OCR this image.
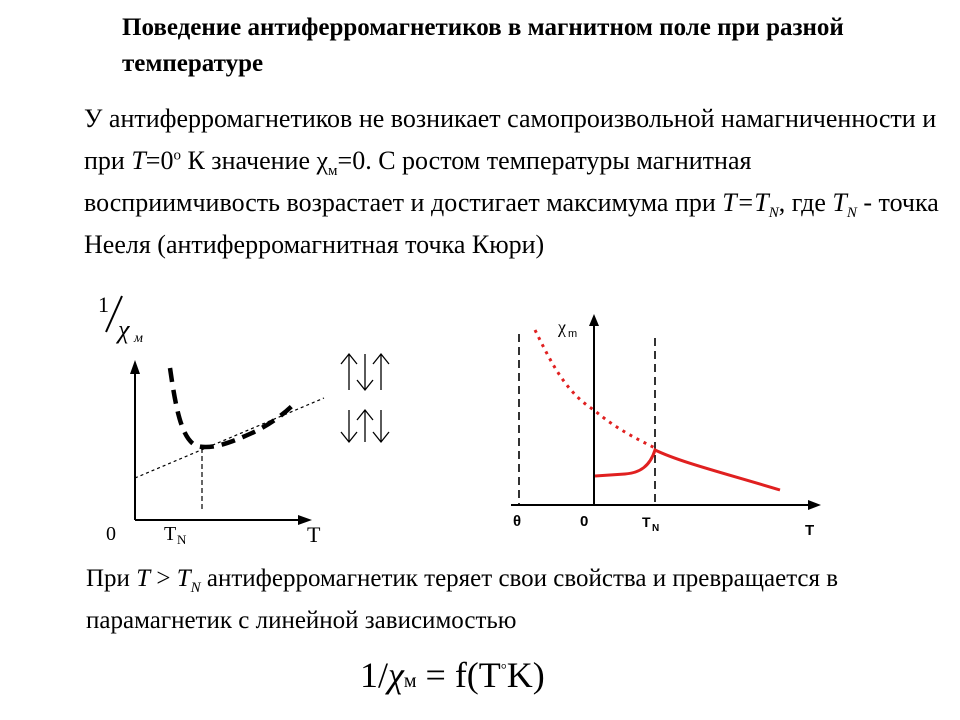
Поведение антиферромагнетиков в магнитном поле при разной температуре
У антиферромагнетиков не возникает самопроизвольной намагниченности и при $T=0^о$ К значение $\chi_м=0$. С ростом температуры магнитная восприимчивость возрастает и достигает максимума при $T=T_N$, где $T_N$ - точка Нееля (антиферромагнитная точка Кюри)
1
χ м
0 T N	T
χ m
θ	0	T N	T
При $T > T_N$ антиферромагнетик теряет свои свойства и превращается в парамагнетик с линейной зависимостью
1/χм = f(T°K)
